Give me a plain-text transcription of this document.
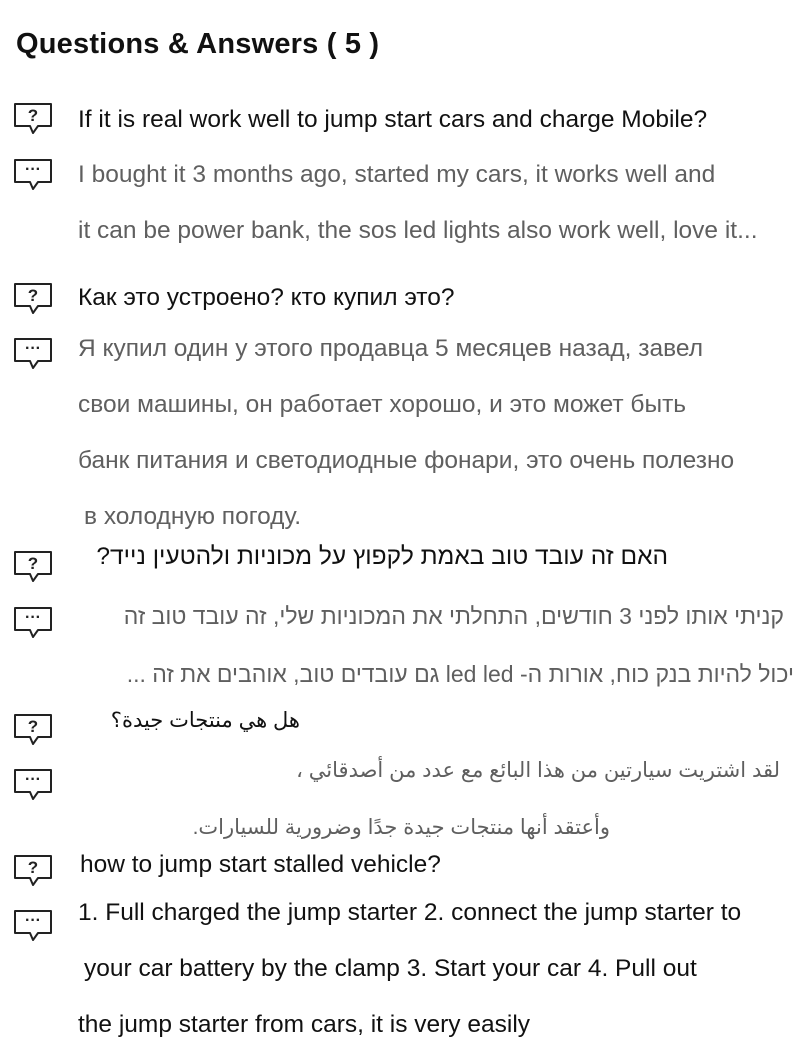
Questions & Answers ( 5 )
? If it is real work well to jump start cars and charge Mobile?
··· I bought it 3 months ago, started my cars, it works well and
it can be power bank, the sos led lights also work well, love it...
? Как это устроено? кто купил это?
··· Я купил один у этого продавца 5 месяцев назад, завел
свои машины, он работает хорошо, и это может быть
банк питания и светодиодные фонари, это очень полезно
в холодную погоду.
?	האם זה עובד טוב באמת לקפוץ על מכוניות ולהטעין נייד?
···	קניתי אותו לפני 3 חודשים, התחלתי את המכוניות שלי, זה עובד טוב זה
יכול להיות בנק כוח, אורות ה- led led גם עובדים טוב, אוהבים את זה ...
?	هل هي منتجات جيدة؟
···	لقد اشتريت سيارتين من هذا البائع مع عدد من أصدقائي ،
وأعتقد أنها منتجات جيدة جدًا وضرورية للسيارات.
? how to jump start stalled vehicle?
··· 1. Full charged the jump starter 2. connect the jump starter to
your car battery by the clamp 3. Start your car 4. Pull out
the jump starter from cars, it is very easily
